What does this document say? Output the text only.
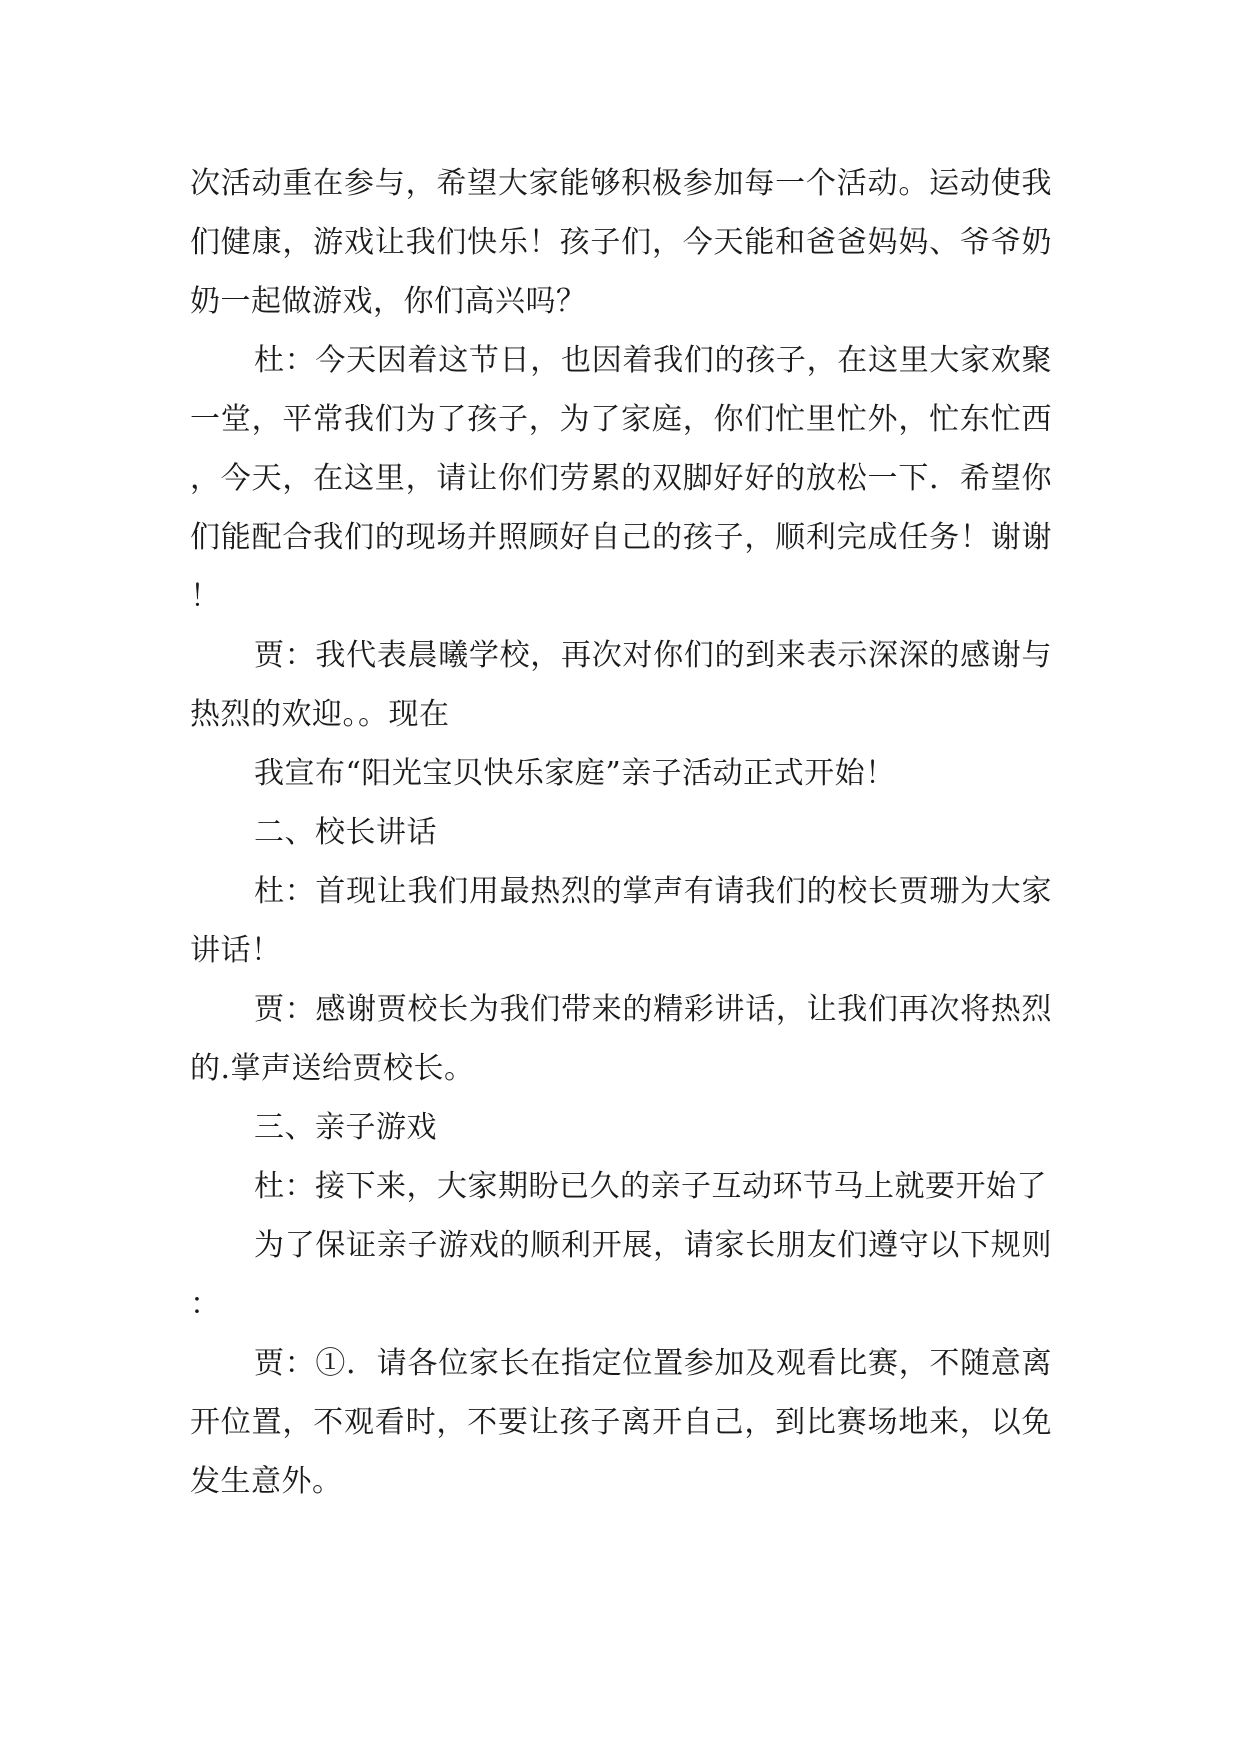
次活动重在参与，希望大家能够积极参加每一个活动。运动使我们健康，游戏让我们快乐！孩子们，今天能和爸爸妈妈、爷爷奶奶一起做游戏，你们高兴吗？

杜：今天因着这节日，也因着我们的孩子，在这里大家欢聚一堂，平常我们为了孩子，为了家庭，你们忙里忙外，忙东忙西，今天，在这里，请让你们劳累的双脚好好的放松一下．希望你们能配合我们的现场并照顾好自己的孩子，顺利完成任务！谢谢！

贾：我代表晨曦学校，再次对你们的到来表示深深的感谢与热烈的欢迎。。现在

我宣布“阳光宝贝快乐家庭”亲子活动正式开始！

二、校长讲话

杜：首现让我们用最热烈的掌声有请我们的校长贾珊为大家讲话！

贾：感谢贾校长为我们带来的精彩讲话，让我们再次将热烈的.掌声送给贾校长。

三、亲子游戏

杜：接下来，大家期盼已久的亲子互动环节马上就要开始了

为了保证亲子游戏的顺利开展，请家长朋友们遵守以下规则：

贾：①．请各位家长在指定位置参加及观看比赛，不随意离开位置，不观看时，不要让孩子离开自己，到比赛场地来，以免发生意外。
